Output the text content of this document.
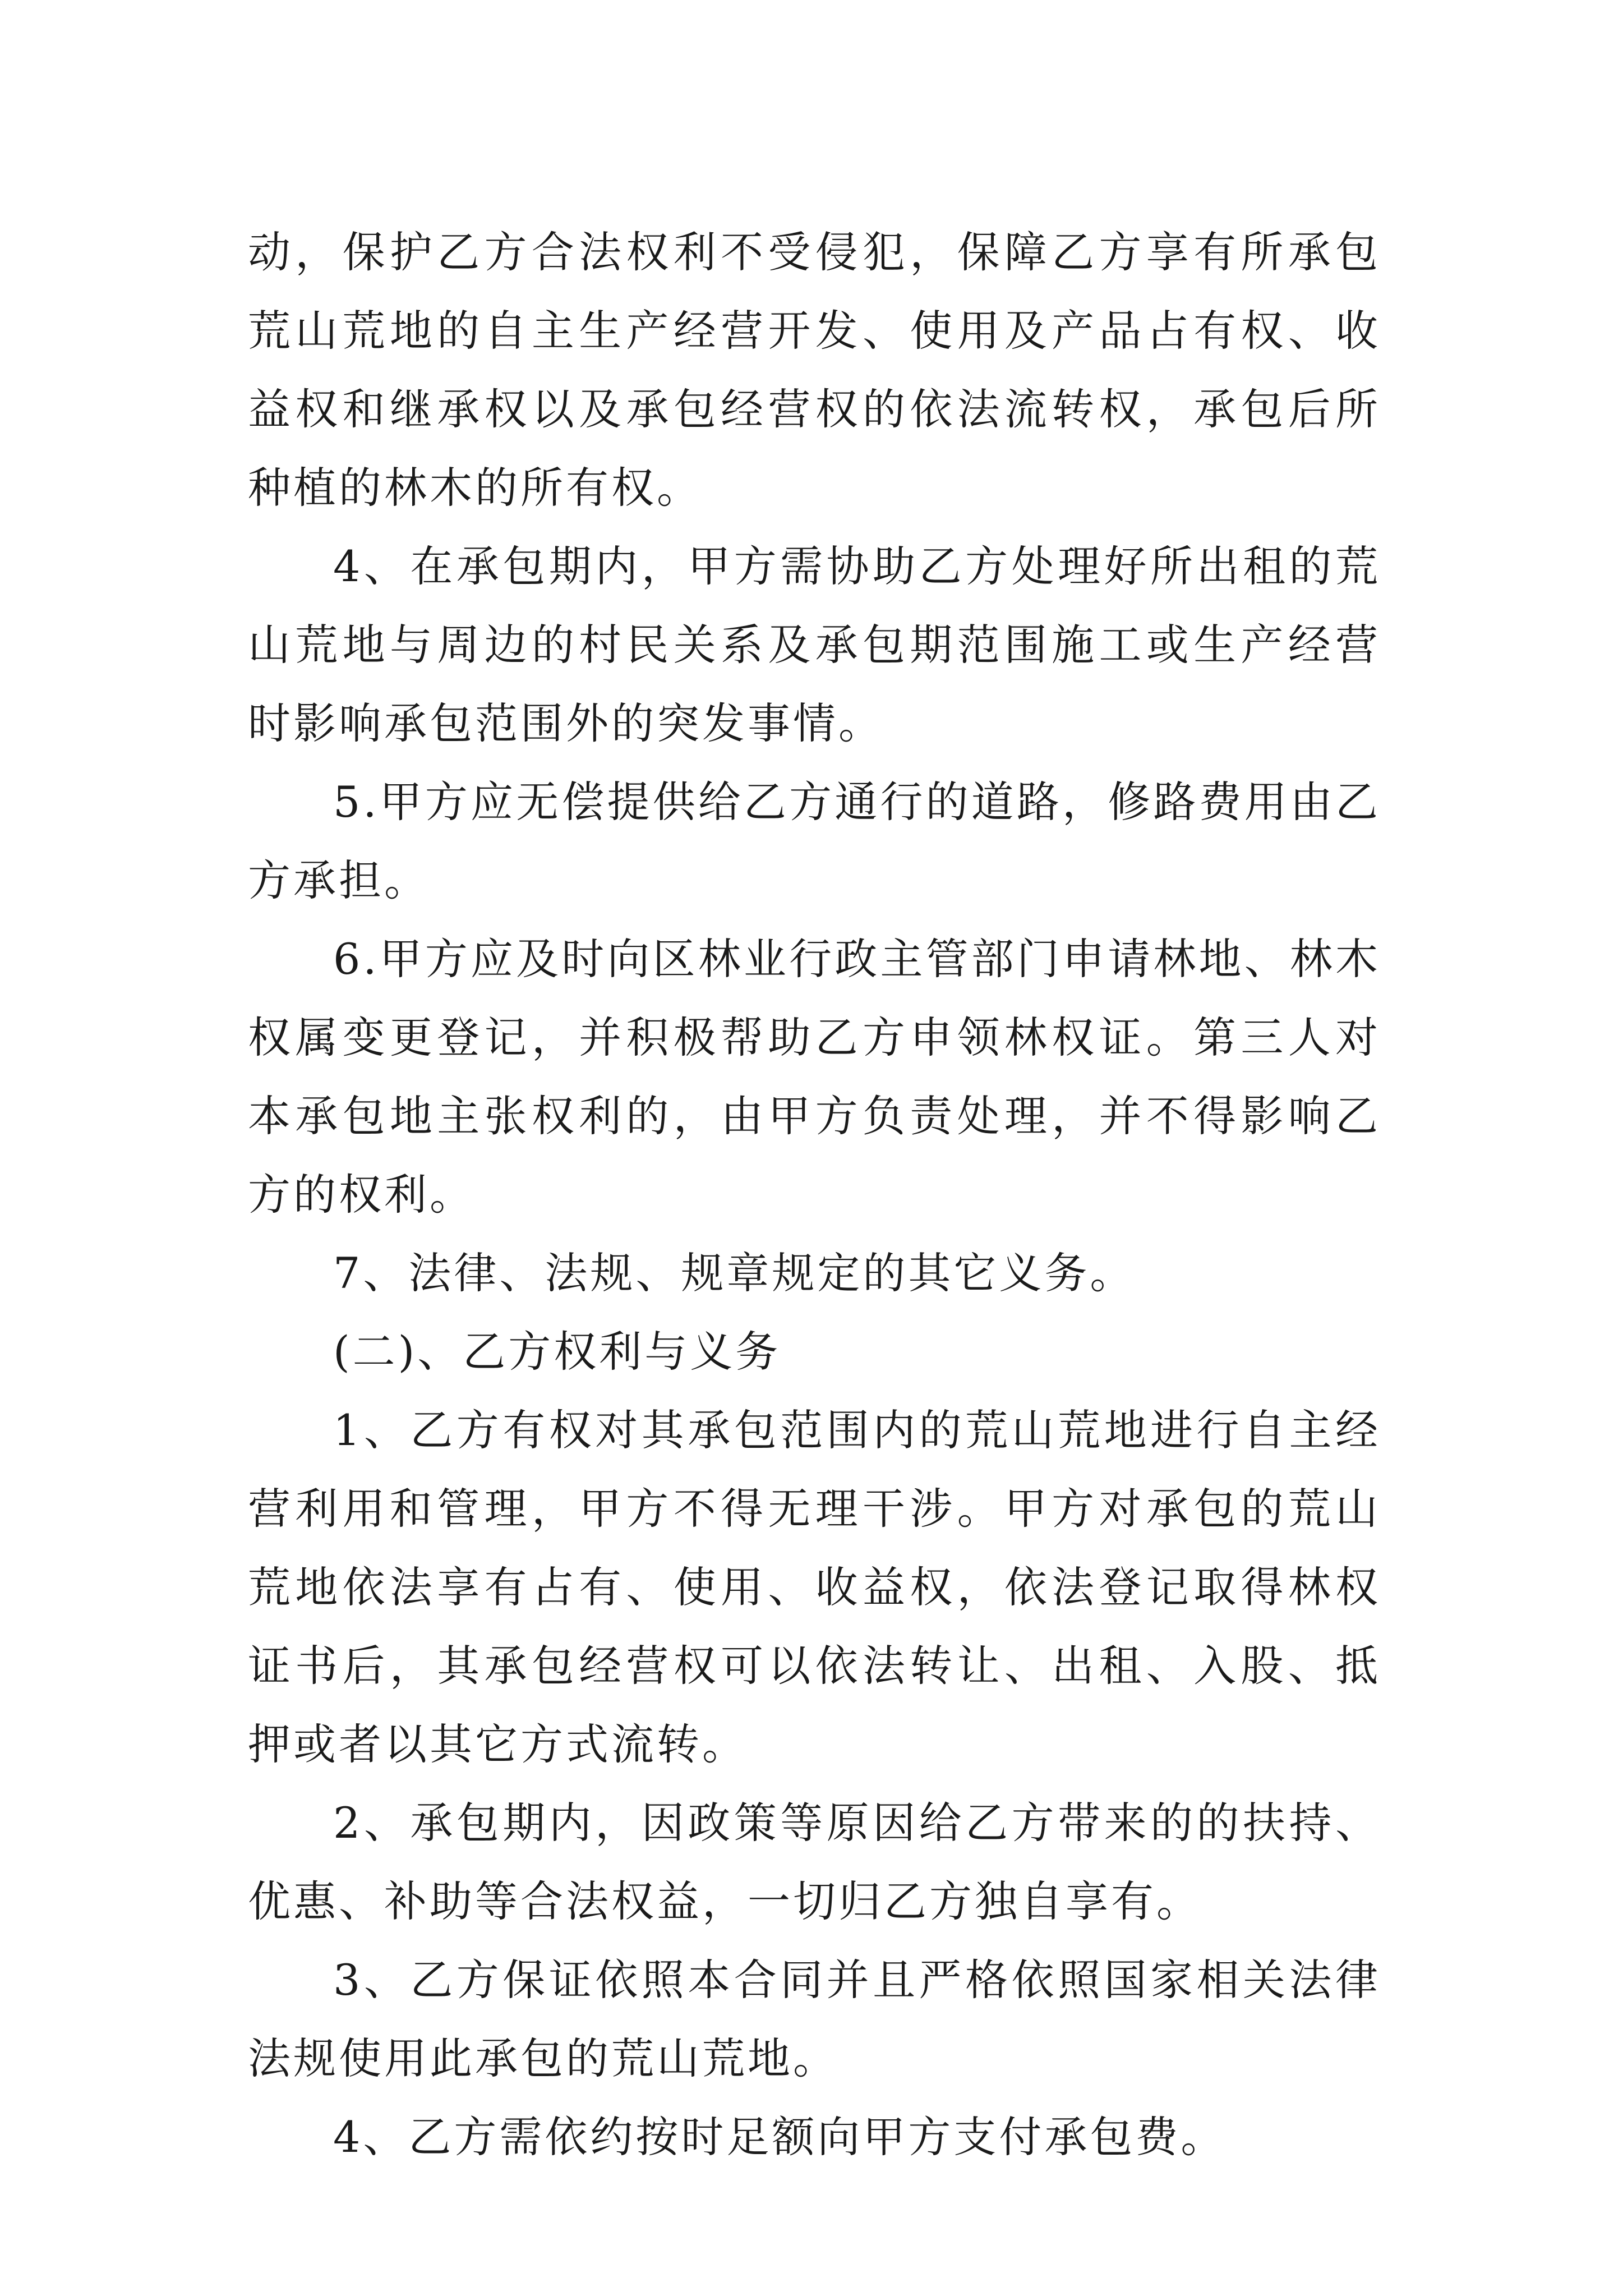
动，保护乙方合法权利不受侵犯，保障乙方享有所承包荒山荒地的自主生产经营开发、使用及产品占有权、收益权和继承权以及承包经营权的依法流转权，承包后所种植的林木的所有权。

4、在承包期内，甲方需协助乙方处理好所出租的荒山荒地与周边的村民关系及承包期范围施工或生产经营时影响承包范围外的突发事情。

5.甲方应无偿提供给乙方通行的道路，修路费用由乙方承担。

6.甲方应及时向区林业行政主管部门申请林地、林木权属变更登记，并积极帮助乙方申领林权证。第三人对本承包地主张权利的，由甲方负责处理，并不得影响乙方的权利。

7、法律、法规、规章规定的其它义务。

(二)、乙方权利与义务

1、乙方有权对其承包范围内的荒山荒地进行自主经营利用和管理，甲方不得无理干涉。甲方对承包的荒山荒地依法享有占有、使用、收益权，依法登记取得林权证书后，其承包经营权可以依法转让、出租、入股、抵押或者以其它方式流转。

2、承包期内，因政策等原因给乙方带来的的扶持、优惠、补助等合法权益，一切归乙方独自享有。

3、乙方保证依照本合同并且严格依照国家相关法律法规使用此承包的荒山荒地。

4、乙方需依约按时足额向甲方支付承包费。
